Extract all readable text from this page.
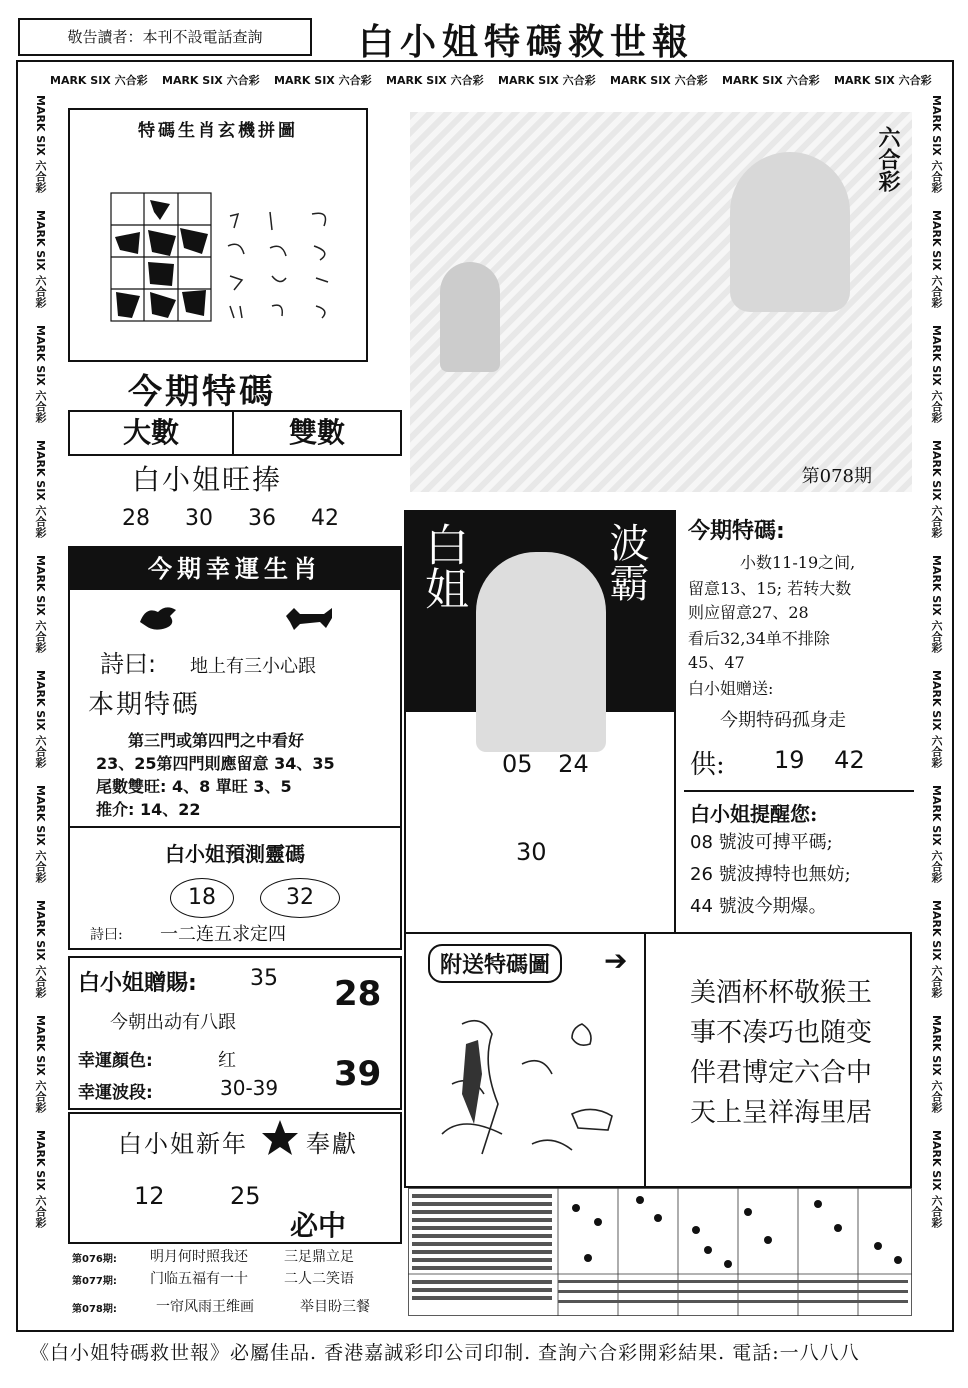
敬告讀者：本刊不設電話查詢	白小姐特碼救世報
MARK SIX 六合彩 MARK SIX 六合彩 MARK SIX 六合彩 MARK SIX 六合彩 MARK SIX 六合彩 MARK SIX 六合彩 MARK SIX 六合彩 MARK SIX 六合彩
MARK SIX 六合彩
MARK SIX 六合彩
MARK SIX 六合彩
MARK SIX 六合彩
MARK SIX 六合彩
MARK SIX 六合彩
MARK SIX 六合彩
MARK SIX 六合彩
MARK SIX 六合彩
MARK SIX 六合彩
MARK SIX 六合彩
MARK SIX 六合彩
MARK SIX 六合彩
MARK SIX 六合彩
MARK SIX 六合彩
MARK SIX 六合彩
MARK SIX 六合彩
MARK SIX 六合彩
MARK SIX 六合彩
MARK SIX 六合彩
特碼生肖玄機拼圖	六合彩
第078期
今期特碼
大數	雙數
白小姐旺捧
28 30 36 42
今期幸運生肖
詩曰: 地上有三小心跟
本期特碼
第三門或第四門之中看好
23、25第四門則應留意 34、35
尾數雙旺: 4、8 單旺 3、5
推介: 14、22
白小姐預測靈碼
18	32
詩曰: 一二连五求定四
白小姐贈賜: 35 28
今朝出动有八跟
幸運顏色:	红	39
幸運波段:	30-39
白小姐新年 奉獻
12	25
必中
第076期: 明月何时照我还	三足鼎立足
第077期: 门临五福有一十	二人二笑语
第078期:	一帘风雨王维画	举目盼三餐
白姐	波霸
05 24
30
今期特碼:
小数11-19之间,
留意13、15; 若转大数
则应留意27、28
看后32,34单不排除
45、47
白小姐赠送:
今期特码孤身走
供: 19 42
白小姐提醒您:
08 號波可搏平碼;
26 號波搏特也無妨;
44 號波今期爆。
附送特碼圖	➔
美酒杯杯敬猴王
事不凑巧也随变
伴君博定六合中
天上呈祥海里居
《白小姐特碼救世報》必屬佳品. 香港嘉誠彩印公司印制. 查詢六合彩開彩結果. 電話:一八八八
